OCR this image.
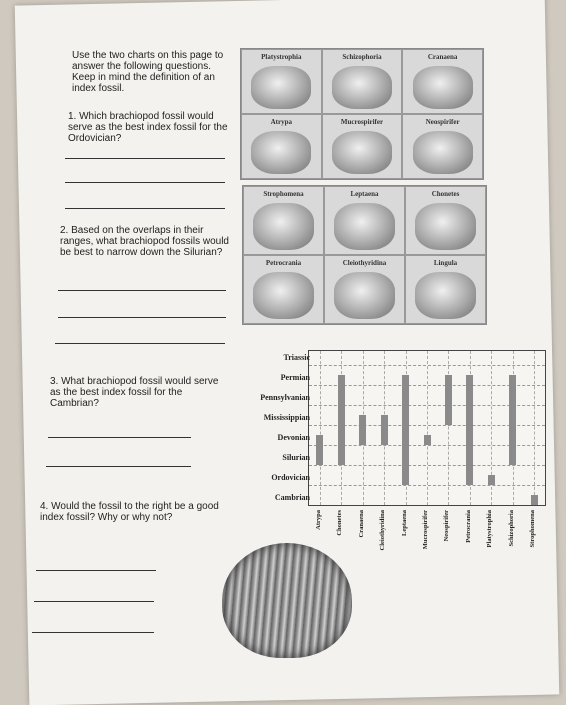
Use the two charts on this page to answer the following questions. Keep in mind the definition of an index fossil.
1. Which brachiopod fossil would serve as the best index fossil for the Ordovician?
2. Based on the overlaps in their ranges, what brachiopod fossils would be best to narrow down the Silurian?
3. What brachiopod fossil would serve as the best index fossil for the Cambrian?
4. Would the fossil to the right be a good index fossil? Why or why not?
Platystrophia	Schizophoria	Cranaena
Atrypa	Mucrospirifer	Neospirifer
Strophomena	Leptaena	Chonetes
Petrocrania	Cleiothyridina	Lingula
Triassic
Permian
Pennsylvanian
Mississippian
Devonian
Silurian
Ordovician
Cambrian
Atrypa Chonetes Cranaena Cleiothyridina Leptaena Mucrospirifer Neospirifer Petrocrania Platystrophia Schizophoria Strophomena
